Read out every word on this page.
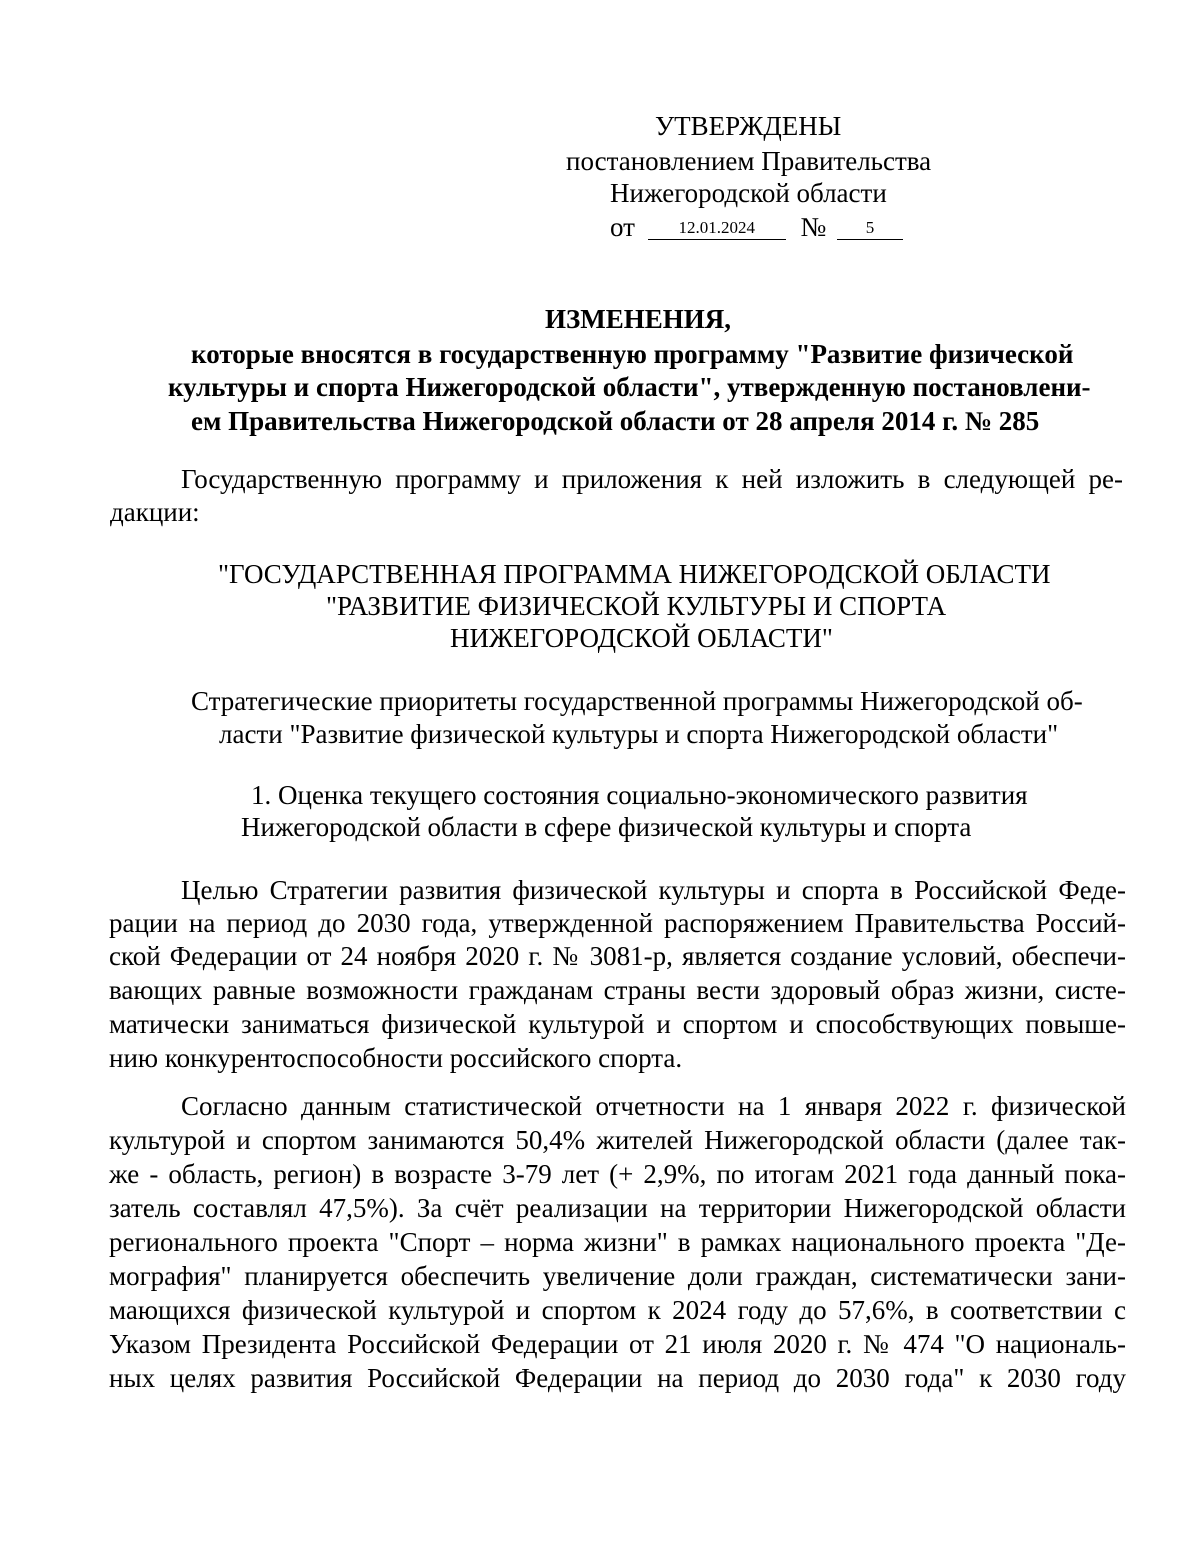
УТВЕРЖДЕНЫ
постановлением Правительства
Нижегородской области
от	12.01.2024 № 5
ИЗМЕНЕНИЯ,
которые вносятся в государственную программу "Развитие физической
культуры и спорта Нижегородской области", утвержденную постановлени-
ем Правительства Нижегородской области от 28 апреля 2014 г. № 285
Государственную программу и приложения к ней изложить в следующей ре-
дакции:
"ГОСУДАРСТВЕННАЯ ПРОГРАММА НИЖЕГОРОДСКОЙ ОБЛАСТИ
"РАЗВИТИЕ ФИЗИЧЕСКОЙ КУЛЬТУРЫ И СПОРТА
НИЖЕГОРОДСКОЙ ОБЛАСТИ"
Стратегические приоритеты государственной программы Нижегородской об-
ласти "Развитие физической культуры и спорта Нижегородской области"
1. Оценка текущего состояния социально-экономического развития
Нижегородской области в сфере физической культуры и спорта
Целью Стратегии развития физической культуры и спорта в Российской Феде-
рации на период до 2030 года, утвержденной распоряжением Правительства Россий-
ской Федерации от 24 ноября 2020 г. № 3081-р, является создание условий, обеспечи-
вающих равные возможности гражданам страны вести здоровый образ жизни, систе-
матически заниматься физической культурой и спортом и способствующих повыше-
нию конкурентоспособности российского спорта.
Согласно данным статистической отчетности на 1 января 2022 г. физической
культурой и спортом занимаются 50,4% жителей Нижегородской области (далее так-
же - область, регион) в возрасте 3-79 лет (+ 2,9%, по итогам 2021 года данный пока-
затель составлял 47,5%). За счёт реализации на территории Нижегородской области
регионального проекта "Спорт – норма жизни" в рамках национального проекта "Де-
мография" планируется обеспечить увеличение доли граждан, систематически зани-
мающихся физической культурой и спортом к 2024 году до 57,6%, в соответствии с
Указом Президента Российской Федерации от 21 июля 2020 г. № 474 "О националь-
ных целях развития Российской Федерации на период до 2030 года" к 2030 году
